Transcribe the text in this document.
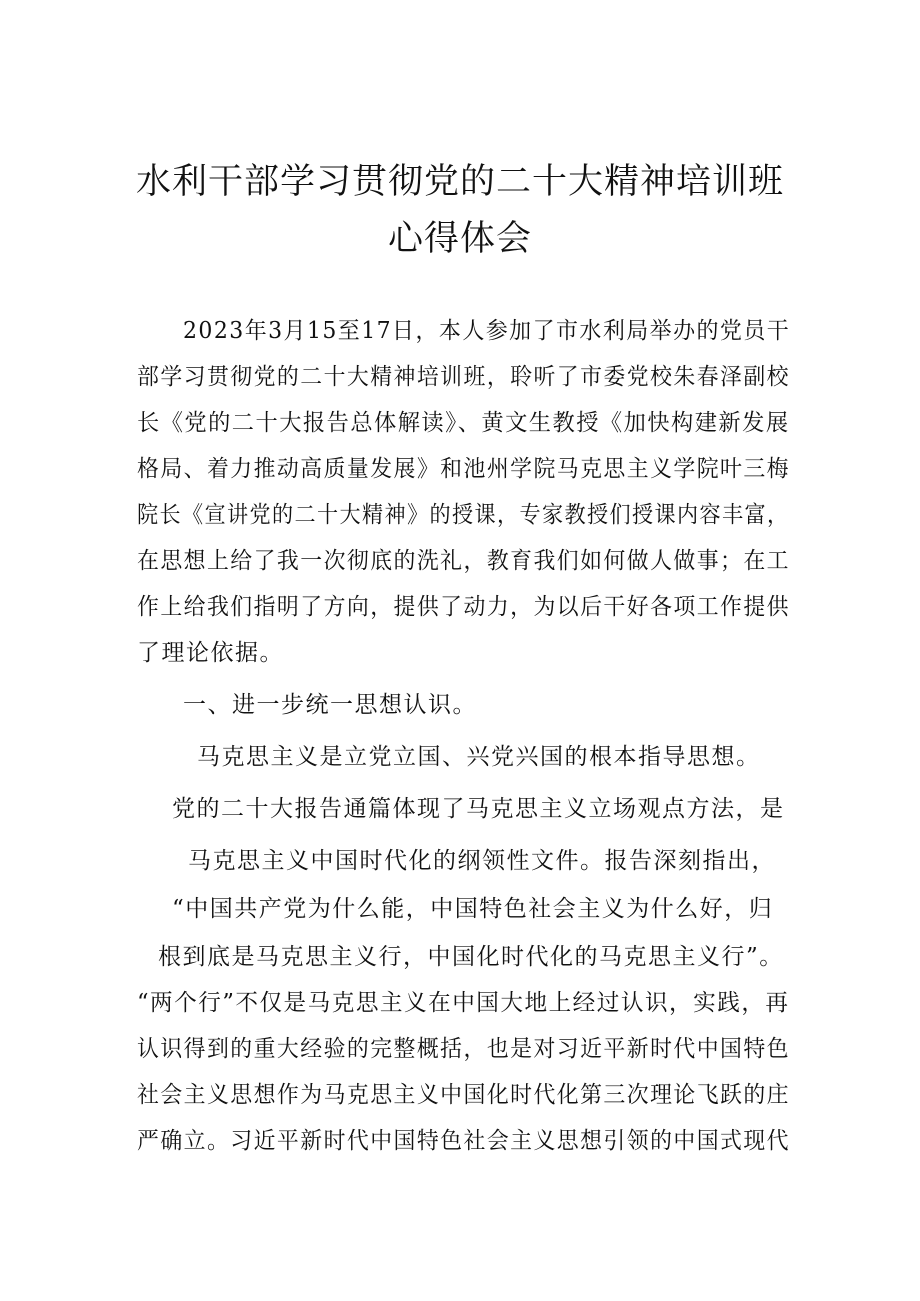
水利干部学习贯彻党的二十大精神培训班
心得体会
2023年3月15至17日，本人参加了市水利局举办的党员干
部学习贯彻党的二十大精神培训班，聆听了市委党校朱春泽副校
长《党的二十大报告总体解读》、黄文生教授《加快构建新发展
格局、着力推动高质量发展》和池州学院马克思主义学院叶三梅
院长《宣讲党的二十大精神》的授课，专家教授们授课内容丰富，
在思想上给了我一次彻底的洗礼，教育我们如何做人做事；在工
作上给我们指明了方向，提供了动力，为以后干好各项工作提供
了理论依据。
一、进一步统一思想认识。
马克思主义是立党立国、兴党兴国的根本指导思想。
党的二十大报告通篇体现了马克思主义立场观点方法，是
马克思主义中国时代化的纲领性文件。报告深刻指出，
“中国共产党为什么能，中国特色社会主义为什么好，归
根到底是马克思主义行，中国化时代化的马克思主义行”。
“两个行”不仅是马克思主义在中国大地上经过认识，实践，再
认识得到的重大经验的完整概括，也是对习近平新时代中国特色
社会主义思想作为马克思主义中国化时代化第三次理论飞跃的庄
严确立。习近平新时代中国特色社会主义思想引领的中国式现代
